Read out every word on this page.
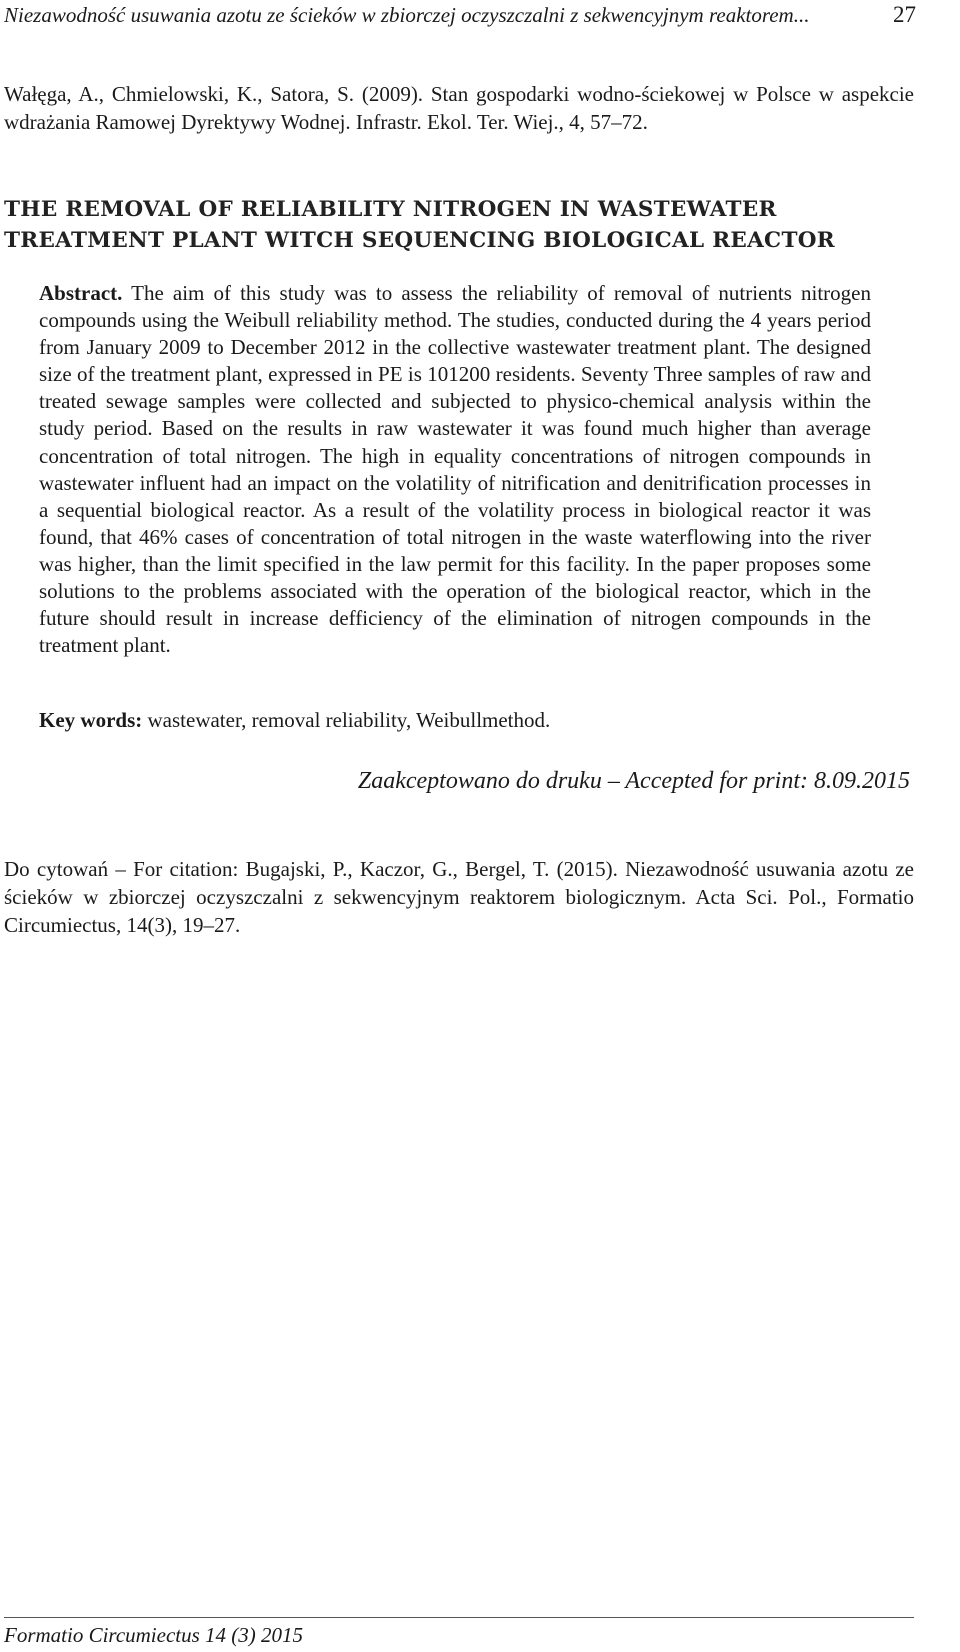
Niezawodność usuwania azotu ze ścieków w zbiorczej oczyszczalni z sekwencyjnym reaktorem...	27

Wałęga, A., Chmielowski, K., Satora, S. (2009). Stan gospodarki wodno-ściekowej w Polsce w aspekcie wdrażania Ramowej Dyrektywy Wodnej. Infrastr. Ekol. Ter. Wiej., 4, 57–72.

THE REMOVAL OF RELIABILITY NITROGEN IN WASTEWATER
TREATMENT PLANT WITCH SEQUENCING BIOLOGICAL REACTOR

Abstract. The aim of this study was to assess the reliability of removal of nutrients nitrogen compounds using the Weibull reliability method. The studies, conducted during the 4 years period from January 2009 to December 2012 in the collective wastewater treatment plant. The designed size of the treatment plant, expressed in PE is 101200 residents. Seventy Three samples of raw and treated sewage samples were collected and subjected to physico-chemical analysis within the study period. Based on the results in raw wastewater it was found much higher than average concentration of total nitrogen. The high in equality concentrations of nitrogen compounds in wastewater influent had an impact on the volatility of nitrification and denitrification processes in a sequential biological reactor. As a result of the volatility process in biological reactor it was found, that 46% cases of concentration of total nitrogen in the waste waterflowing into the river was higher, than the limit specified in the law permit for this facility. In the paper proposes some solutions to the problems associated with the operation of the biological reactor, which in the future should result in increase defficiency of the elimination of nitrogen compounds in the treatment plant.

Key words: wastewater, removal reliability, Weibullmethod.

Zaakceptowano do druku – Accepted for print: 8.09.2015

Do cytowań – For citation: Bugajski, P., Kaczor, G., Bergel, T. (2015). Niezawodność usuwania azotu ze ścieków w zbiorczej oczyszczalni z sekwencyjnym reaktorem biologicznym. Acta Sci. Pol., Formatio Circumiectus, 14(3), 19–27.

Formatio Circumiectus 14 (3) 2015
